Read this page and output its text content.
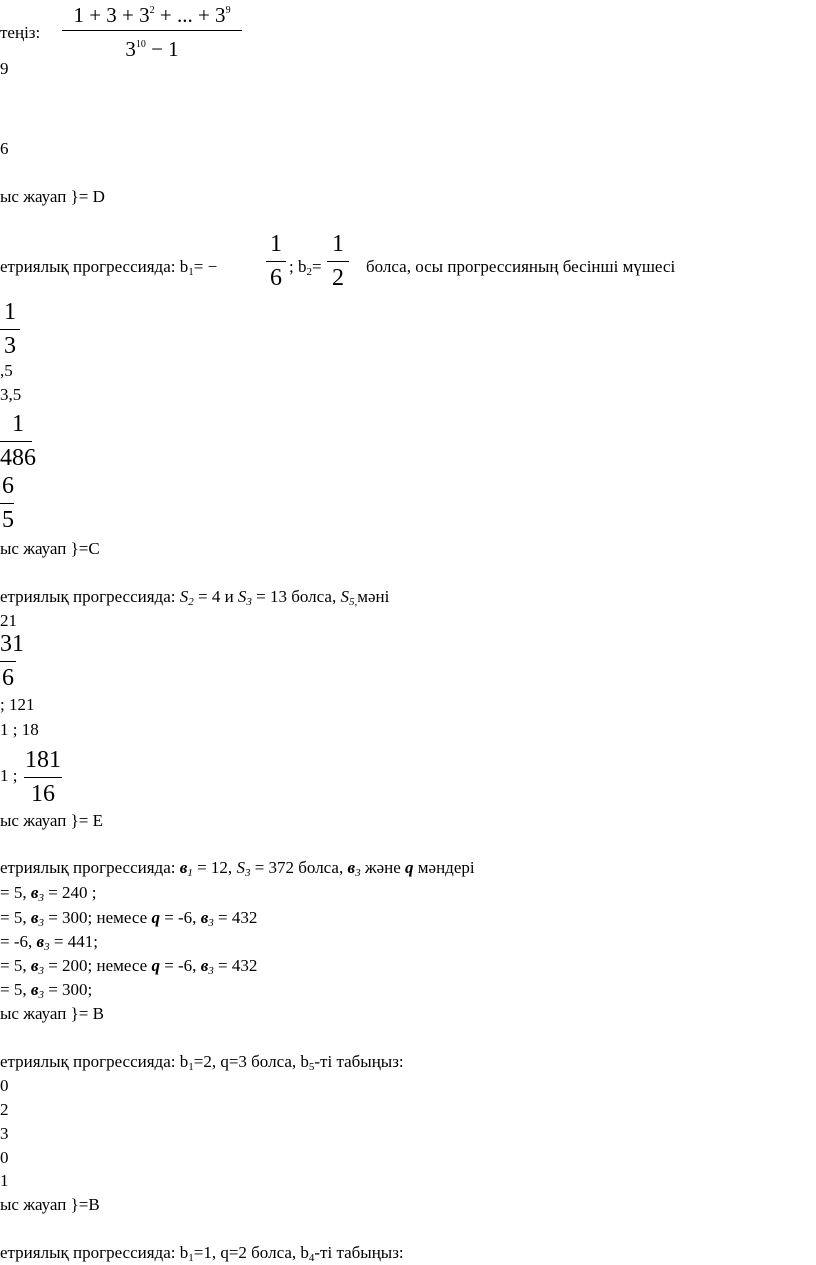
теңіз:
$1 + 3 + 3^2$ + ... + $3^9$
$3^{10} - 1$
9
6
ыс жауап }= D
етриялық прогрессияда: $b_1=$ −
1
6 ; $b_2=$
1
2 болса, осы прогрессияның бесінші мүшесі
1
3
,5
3,5
1
486
6
5
ыс жауап }=С
етриялық прогрессияда: $S_2 = 4$ и $S_3 = 13$ болса, $S_{5,}мәні$
21
31
6
; 121
1 ; 18
1 ;
181
16
ыс жауап }= Е
етриялық прогрессияда: $в_1 = 12$, $S_3 = 372$ болса, $в_3$ және q мәндері
= 5, $в_3 = 240$ ;
= 5, $в_3 = 300$; немесе q = -6, $в_3 = 432$
= -6, $в_3 = 441$;
= 5, $в_3 = 200$; немесе q = -6, $в_3 = 432$
= 5, $в_3 = 300$;
ыс жауап }= В
етриялық прогрессияда: $b_1=2$, q=3 болса, $b_5-ті$ табыңыз:
0
2
3
0
1
ыс жауап }=В
етриялық прогрессияда: $b_1=1$, q=2 болса, $b_4-ті$ табыңыз:
